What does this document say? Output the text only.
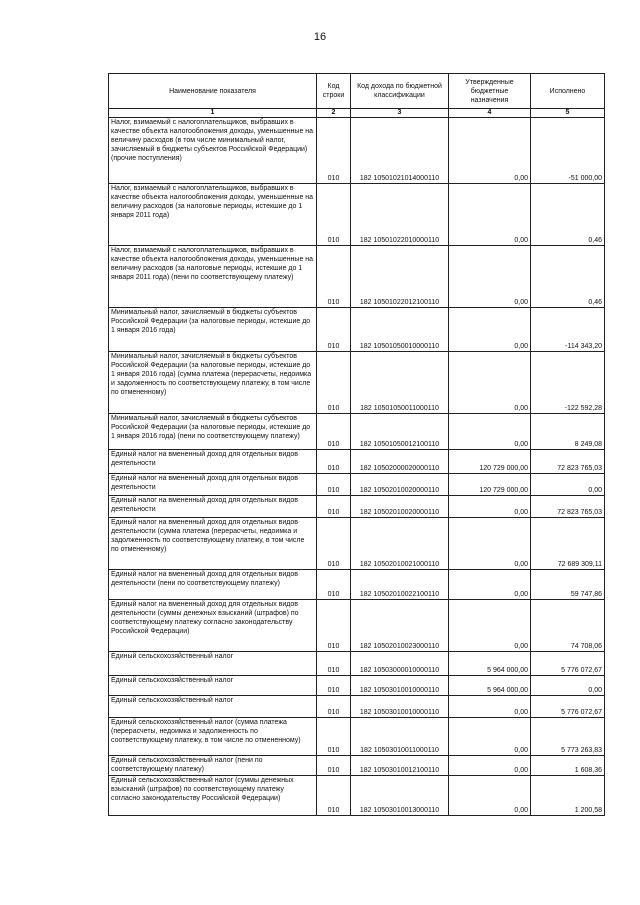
16
Наименование показателя	Код строки	Код дохода по бюджетной классификации	Утвержденные бюджетные назначения	Исполнено
1	2	3	4	5
Налог, взимаемый с налогоплательщиков, выбравших в качестве объекта налогообложения доходы, уменьшенные на величину расходов (в том числе минимальный налог, зачисляемый в бюджеты субъектов Российской Федерации) (прочие поступления)	010	182 10501021014000110	0,00	-51 000,00
Налог, взимаемый с налогоплательщиков, выбравших в качестве объекта налогообложения доходы, уменьшенные на величину расходов (за налоговые периоды, истекшие до 1 января 2011 года)	010	182 10501022010000110	0,00	0,46
Налог, взимаемый с налогоплательщиков, выбравших в качестве объекта налогообложения доходы, уменьшенные на величину расходов (за налоговые периоды, истекшие до 1 января 2011 года) (пени по соответствующему платежу)	010	182 10501022012100110	0,00	0,46
Минимальный налог, зачисляемый в бюджеты субъектов Российской Федерации (за налоговые периоды, истекшие до 1 января 2016 года)	010	182 10501050010000110	0,00	-114 343,20
Минимальный налог, зачисляемый в бюджеты субъектов Российской Федерации (за налоговые периоды, истекшие до 1 января 2016 года) (сумма платежа (перерасчеты, недоимка и задолженность по соответствующему платежу, в том числе по отмененному)	010	182 10501050011000110	0,00	-122 592,28
Минимальный налог, зачисляемый в бюджеты субъектов Российской Федерации (за налоговые периоды, истекшие до 1 января 2016 года) (пени по соответствующему платежу)	010	182 10501050012100110	0,00	8 249,08
Единый налог на вмененный доход для отдельных видов деятельности	010	182 10502000020000110	120 729 000,00	72 823 765,03
Единый налог на вмененный доход для отдельных видов деятельности	010	182 10502010020000110	120 729 000,00	0,00
Единый налог на вмененный доход для отдельных видов деятельности	010	182 10502010020000110	0,00	72 823 765,03
Единый налог на вмененный доход для отдельных видов деятельности (сумма платежа (перерасчеты, недоимка и задолженность по соответствующему платежу, в том числе по отмененному)	010	182 10502010021000110	0,00	72 689 309,11
Единый налог на вмененный доход для отдельных видов деятельности (пени по соответствующему платежу)	010	182 10502010022100110	0,00	59 747,86
Единый налог на вмененный доход для отдельных видов деятельности (суммы денежных взысканий (штрафов) по соответствующему платежу согласно законодательству Российской Федерации)	010	182 10502010023000110	0,00	74 708,06
Единый сельскохозяйственный налог	010	182 10503000010000110	5 964 000,00	5 776 072,67
Единый сельскохозяйственный налог	010	182 10503010010000110	5 964 000,00	0,00
Единый сельскохозяйственный налог	010	182 10503010010000110	0,00	5 776 072,67
Единый сельскохозяйственный налог (сумма платежа (перерасчеты, недоимка и задолженность по соответствующему платежу, в том числе по отмененному)	010	182 10503010011000110	0,00	5 773 263,83
Единый сельскохозяйственный налог (пени по соответствующему платежу)	010	182 10503010012100110	0,00	1 608,36
Единый сельскохозяйственный налог (суммы денежных взысканий (штрафов) по соответствующему платежу согласно законодательству Российской Федерации)	010	182 10503010013000110	0,00	1 200,58
